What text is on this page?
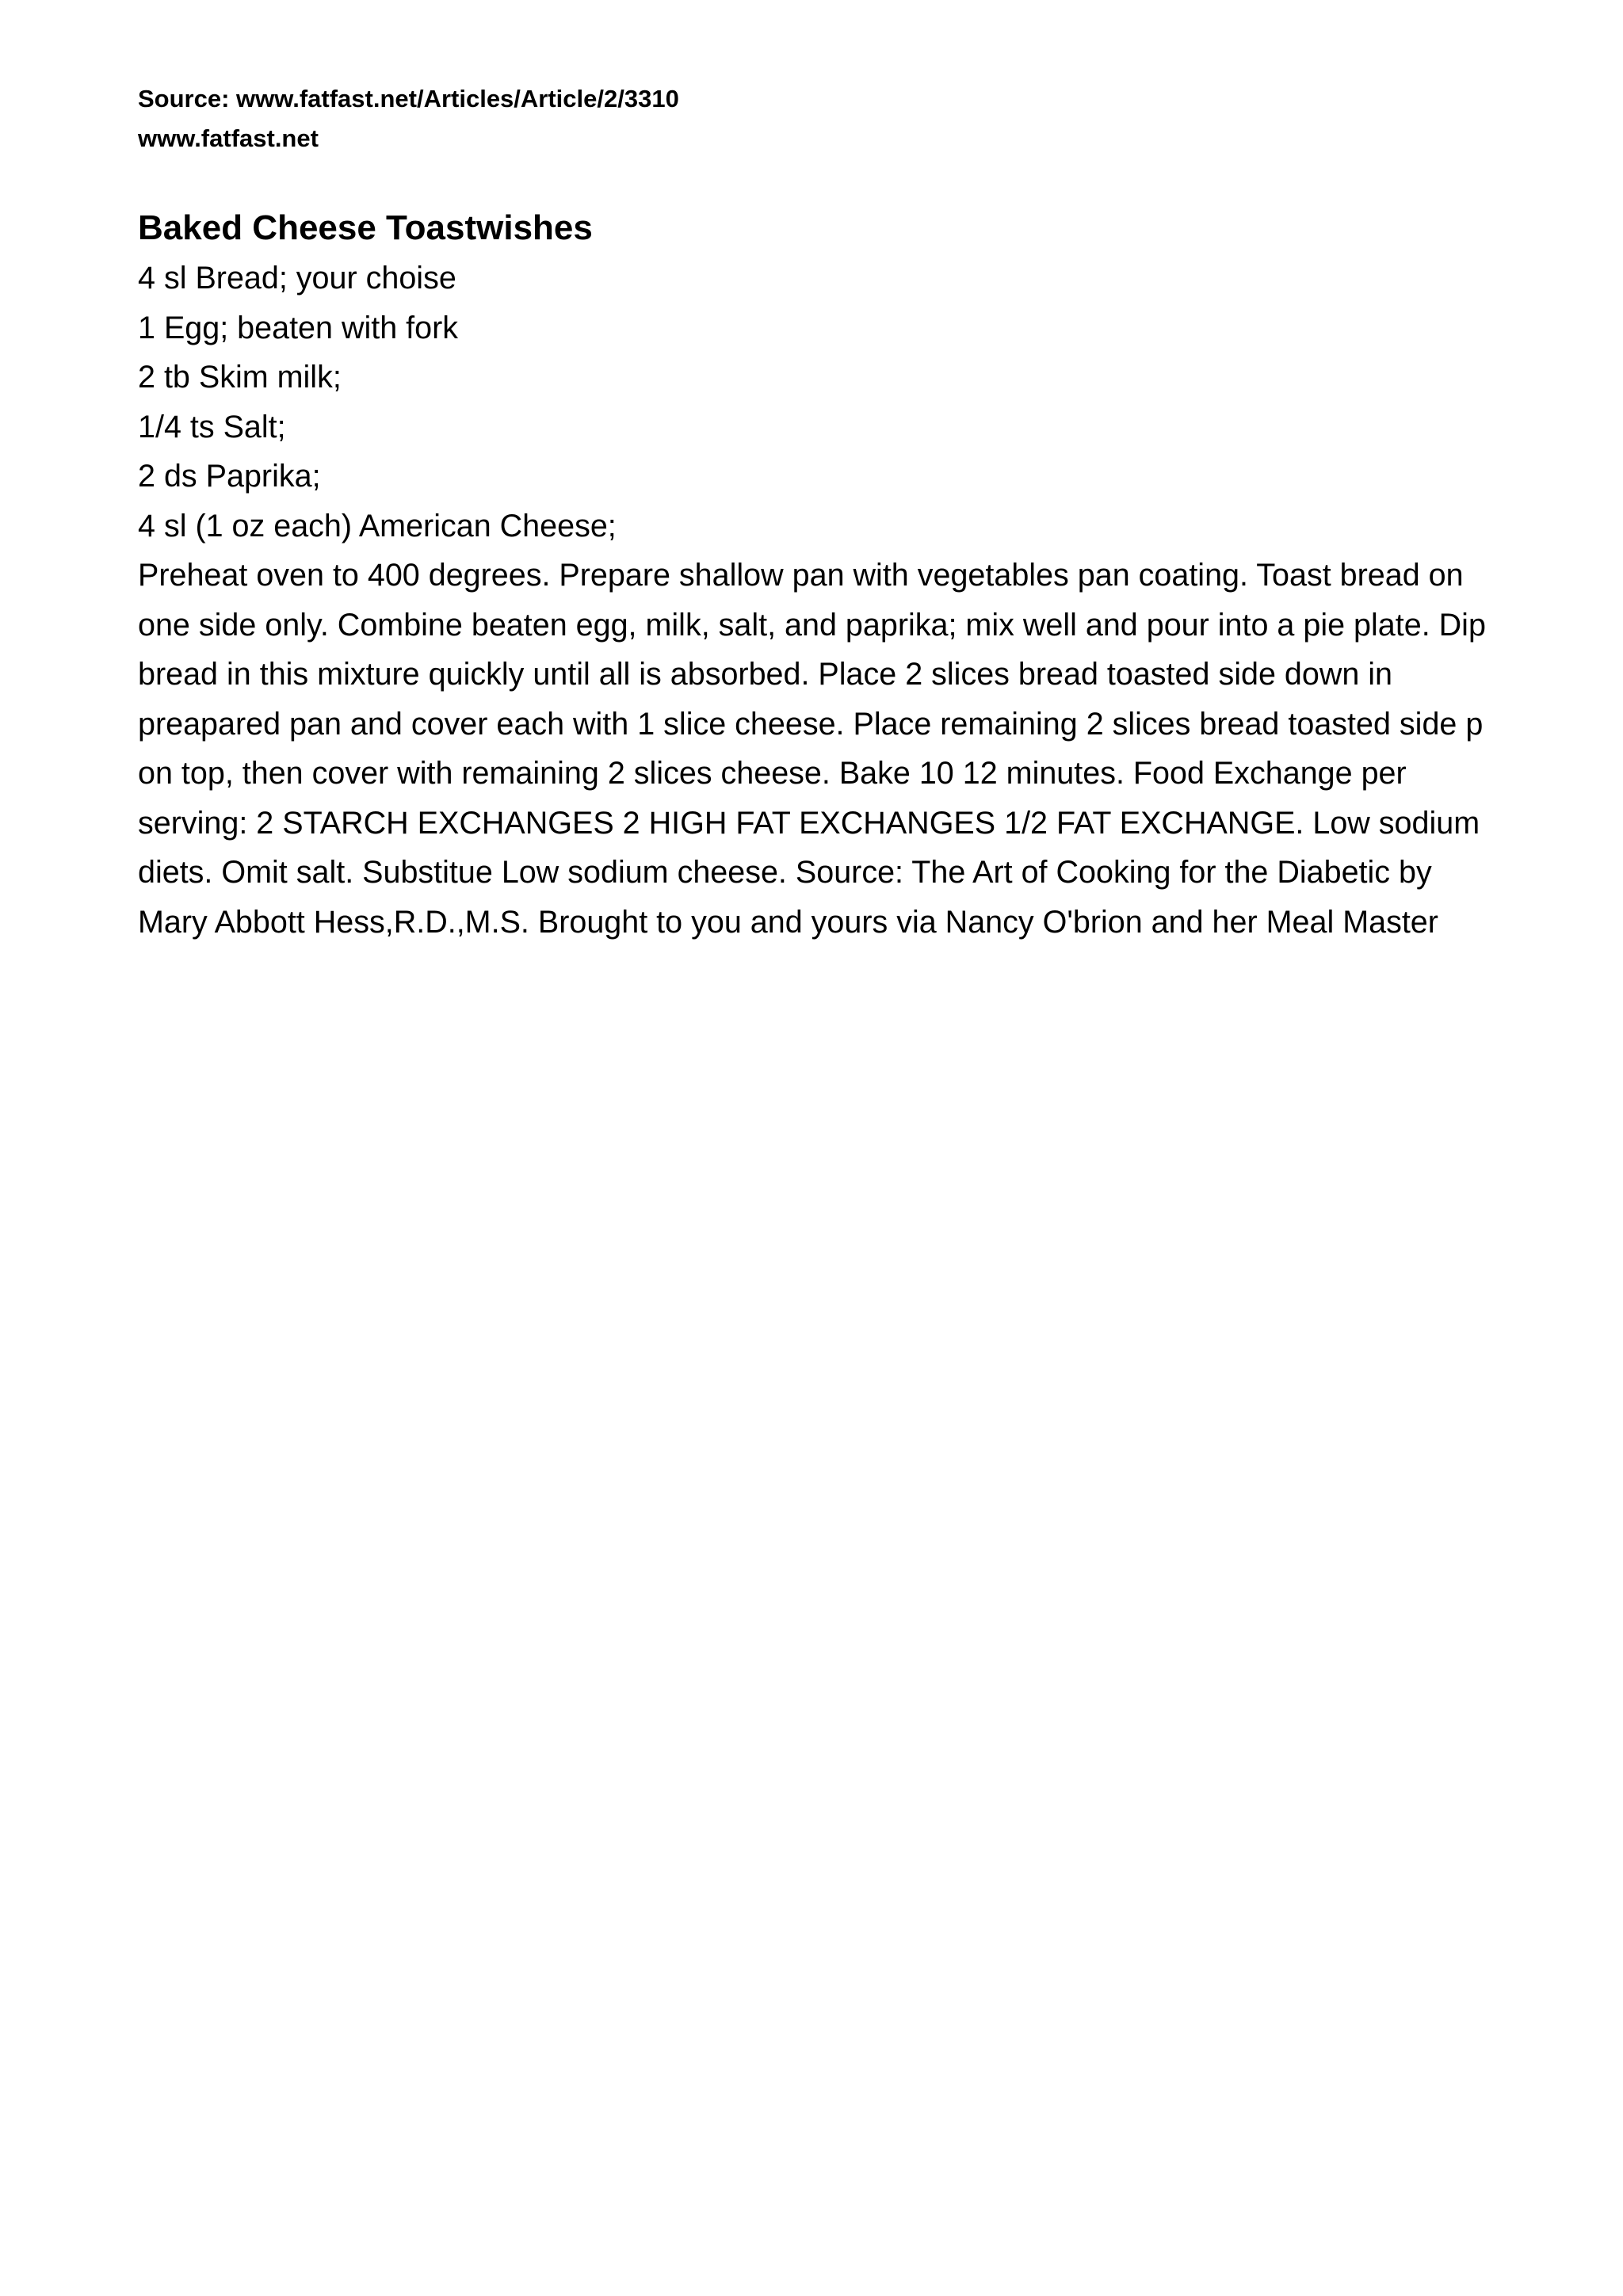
Source: www.fatfast.net/Articles/Article/2/3310
www.fatfast.net
Baked Cheese Toastwishes
4 sl Bread; your choise
1 Egg; beaten with fork
2 tb Skim milk;
1/4 ts Salt;
2 ds Paprika;
4 sl (1 oz each) American Cheese;

Preheat oven to 400 degrees. Prepare shallow pan with vegetables pan coating. Toast bread on one side only. Combine beaten egg, milk, salt, and paprika; mix well and pour into a pie plate. Dip bread in this mixture quickly until all is absorbed. Place 2 slices bread toasted side down in preapared pan and cover each with 1 slice cheese. Place remaining 2 slices bread toasted side p on top, then cover with remaining 2 slices cheese. Bake 10 12 minutes. Food Exchange per serving: 2 STARCH EXCHANGES 2 HIGH FAT EXCHANGES 1/2 FAT EXCHANGE. Low sodium diets. Omit salt. Substitue Low sodium cheese. Source: The Art of Cooking for the Diabetic by Mary Abbott Hess,R.D.,M.S. Brought to you and yours via Nancy O'brion and her Meal Master
